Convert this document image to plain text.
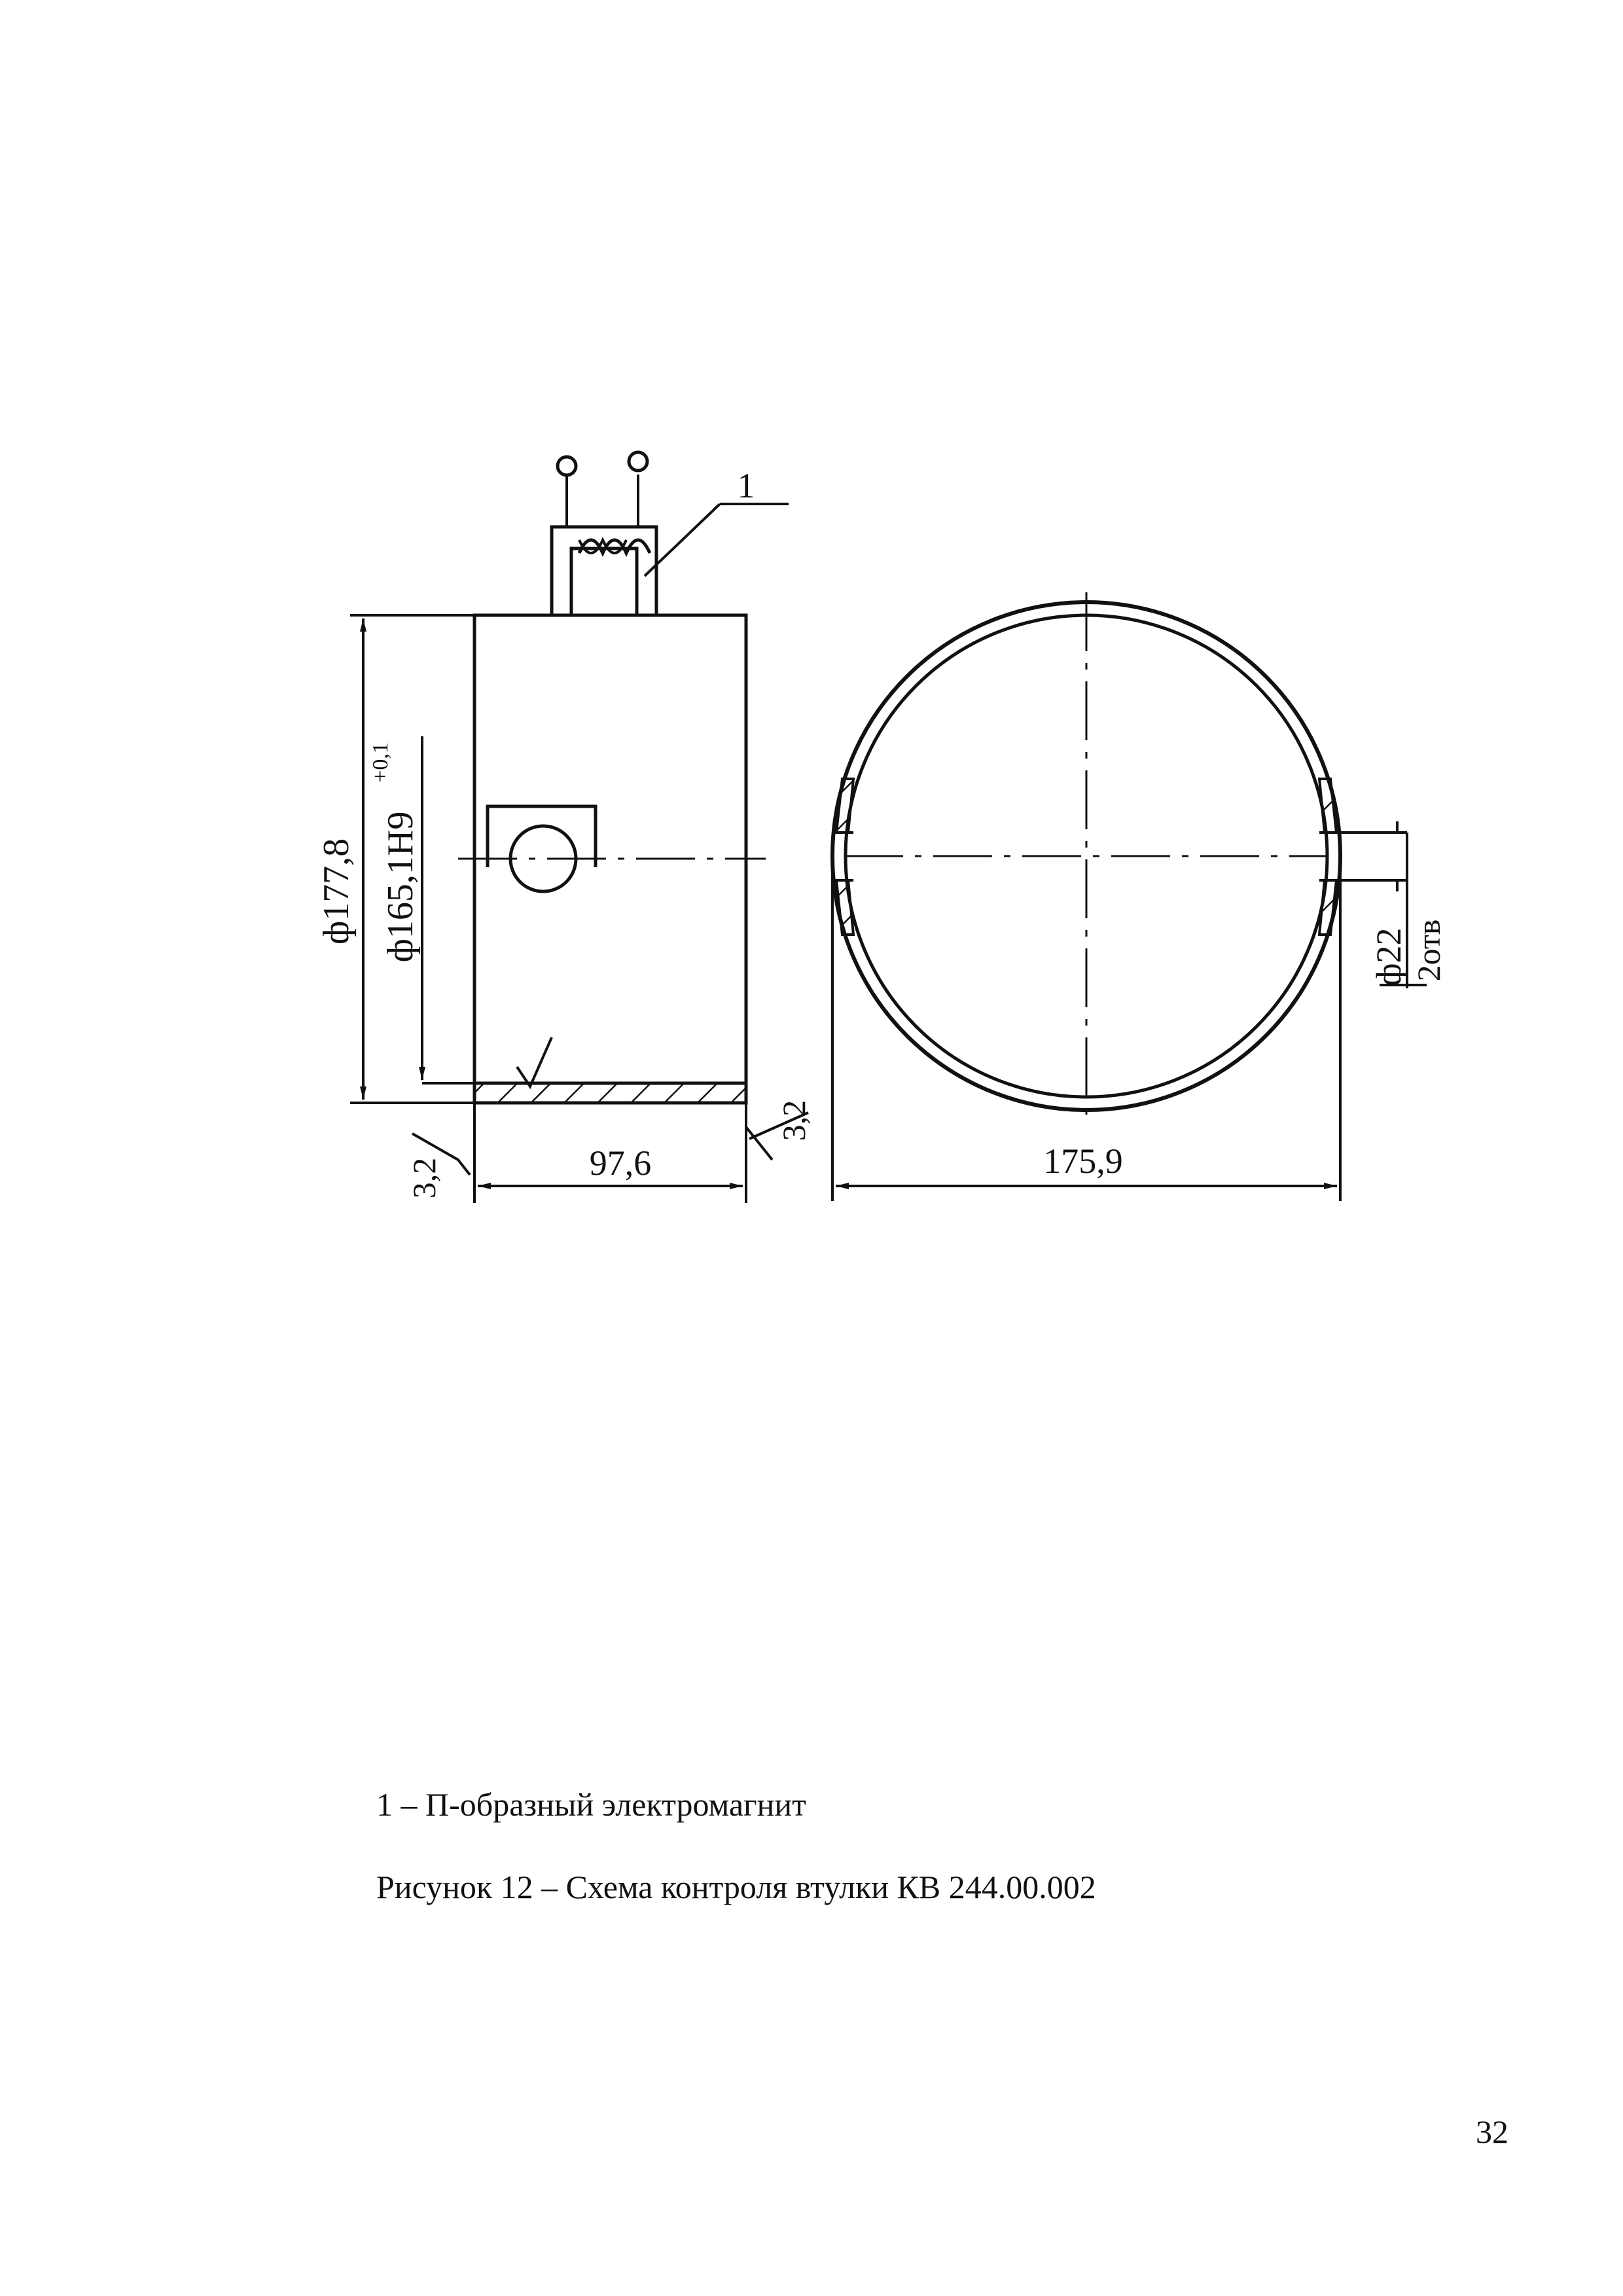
1
ф177,8 ф165,1Н9
+0,1
97,6
3,2
3,2
175,9
ф22 2отв
1 – П-образный электромагнит
Рисунок 12 – Схема контроля втулки КВ 244.00.002
32
